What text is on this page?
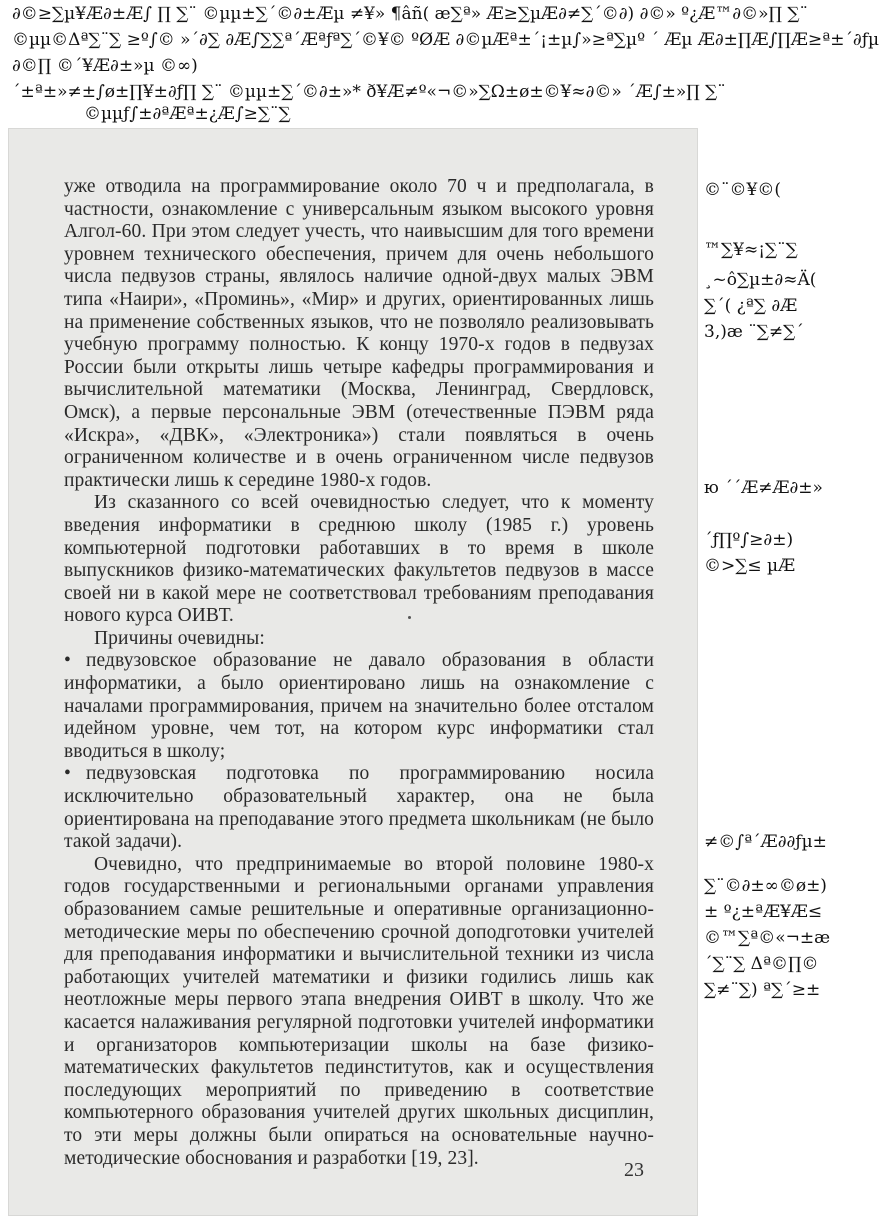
∂©≥∑µ¥Æ∂±Æ∫ ∏ ∑¨ ©µµ±∑´©∂±Æµ ≠¥» ¶âñ( æ∑ª» Æ≥∑µÆ∂≠∑´©∂) ∂©» º¿Æ™∂©»∏ ∑¨
©µµ©Δª∑¨∑ ≥º∫© »´∂∑ ∂Æ∫∑∑ª´Æªƒª∑´©¥© ºØÆ ∂©µÆª±´¡±µ∫»≥ª∑µº ´ Æµ Æ∂±∏Æ∫∏Æ≥ª±´∂ƒµ
∂©∏ ©´¥Æ∂±»µ ©∞)
´±ª±»≠±∫ø±∏¥±∂ƒ∏ ∑¨ ©µµ±∑´©∂±»* ð¥Æ≠º«¬©»∑Ω±ø±©¥≈∂©» ´Æ∫±»∏ ∑¨
©µµƒ∫±∂ªÆª±¿Æ∫≥∑¨∑
©¨©¥©(
™∑¥≈¡∑¨∑
¸~ô∑µ±∂≈Ä(
∑´( ¿ª∑ ∂Æ
3,)æ ¨∑≠∑´
ю ´´Æ≠Æ∂±»
´ƒ∏º∫≥∂±)
©>∑≤ µÆ
≠©∫ª´Æ∂∂ƒµ±
∑¨©∂±∞©ø±)
± º¿±ªÆ¥Æ≤
©™∑ª©«¬±æ
´∑¨∑ Δª©∏©
∑≠¨∑) ª∑´≥±

уже отводила на программирование около 70 ч и предполагала, в частности, ознакомление с универсальным языком высокого уровня Алгол-60. При этом следует учесть, что наивысшим для того времени уровнем технического обеспечения, причем для очень небольшого числа педвузов страны, являлось наличие одной-двух малых ЭВМ типа «Наири», «Проминь», «Мир» и других, ориентированных лишь на применение собственных языков, что не позволяло реализовывать учебную программу полностью. К концу 1970-х годов в педвузах России были открыты лишь четыре кафедры программирования и вычислительной математики (Москва, Ленинград, Свердловск, Омск), а первые персональные ЭВМ (отечественные ПЭВМ ряда «Искра», «ДВК», «Электроника») стали появляться в очень ограниченном количестве и в очень ограниченном числе педвузов практически лишь к середине 1980-х годов.

Из сказанного со всей очевидностью следует, что к моменту введения информатики в среднюю школу (1985 г.) уровень компьютерной подготовки работавших в то время в школе выпускников физико-математических факультетов педвузов в массе своей ни в какой мере не соответствовал требованиям преподавания нового курса ОИВТ.

Причины очевидны:

• педвузовское образование не давало образования в области информатики, а было ориентировано лишь на ознакомление с началами программирования, причем на значительно более отсталом идейном уровне, чем тот, на котором курс информатики стал вводиться в школу;

• педвузовская подготовка по программированию носила исключительно образовательный характер, она не была ориентирована на преподавание этого предмета школьникам (не было такой задачи).

Очевидно, что предпринимаемые во второй половине 1980-х годов государственными и региональными органами управления образованием самые решительные и оперативные организационно-методические меры по обеспечению срочной доподготовки учителей для преподавания информатики и вычислительной техники из числа работающих учителей математики и физики годились лишь как неотложные меры первого этапа внедрения ОИВТ в школу. Что же касается налаживания регулярной подготовки учителей информатики и организаторов компьютеризации школы на базе физико-математических факультетов пединститутов, как и осуществления последующих мероприятий по приведению в соответствие компьютерного образования учителей других школьных дисциплин, то эти меры должны были опираться на основательные научно-методические обоснования и разработки [19, 23].

23
